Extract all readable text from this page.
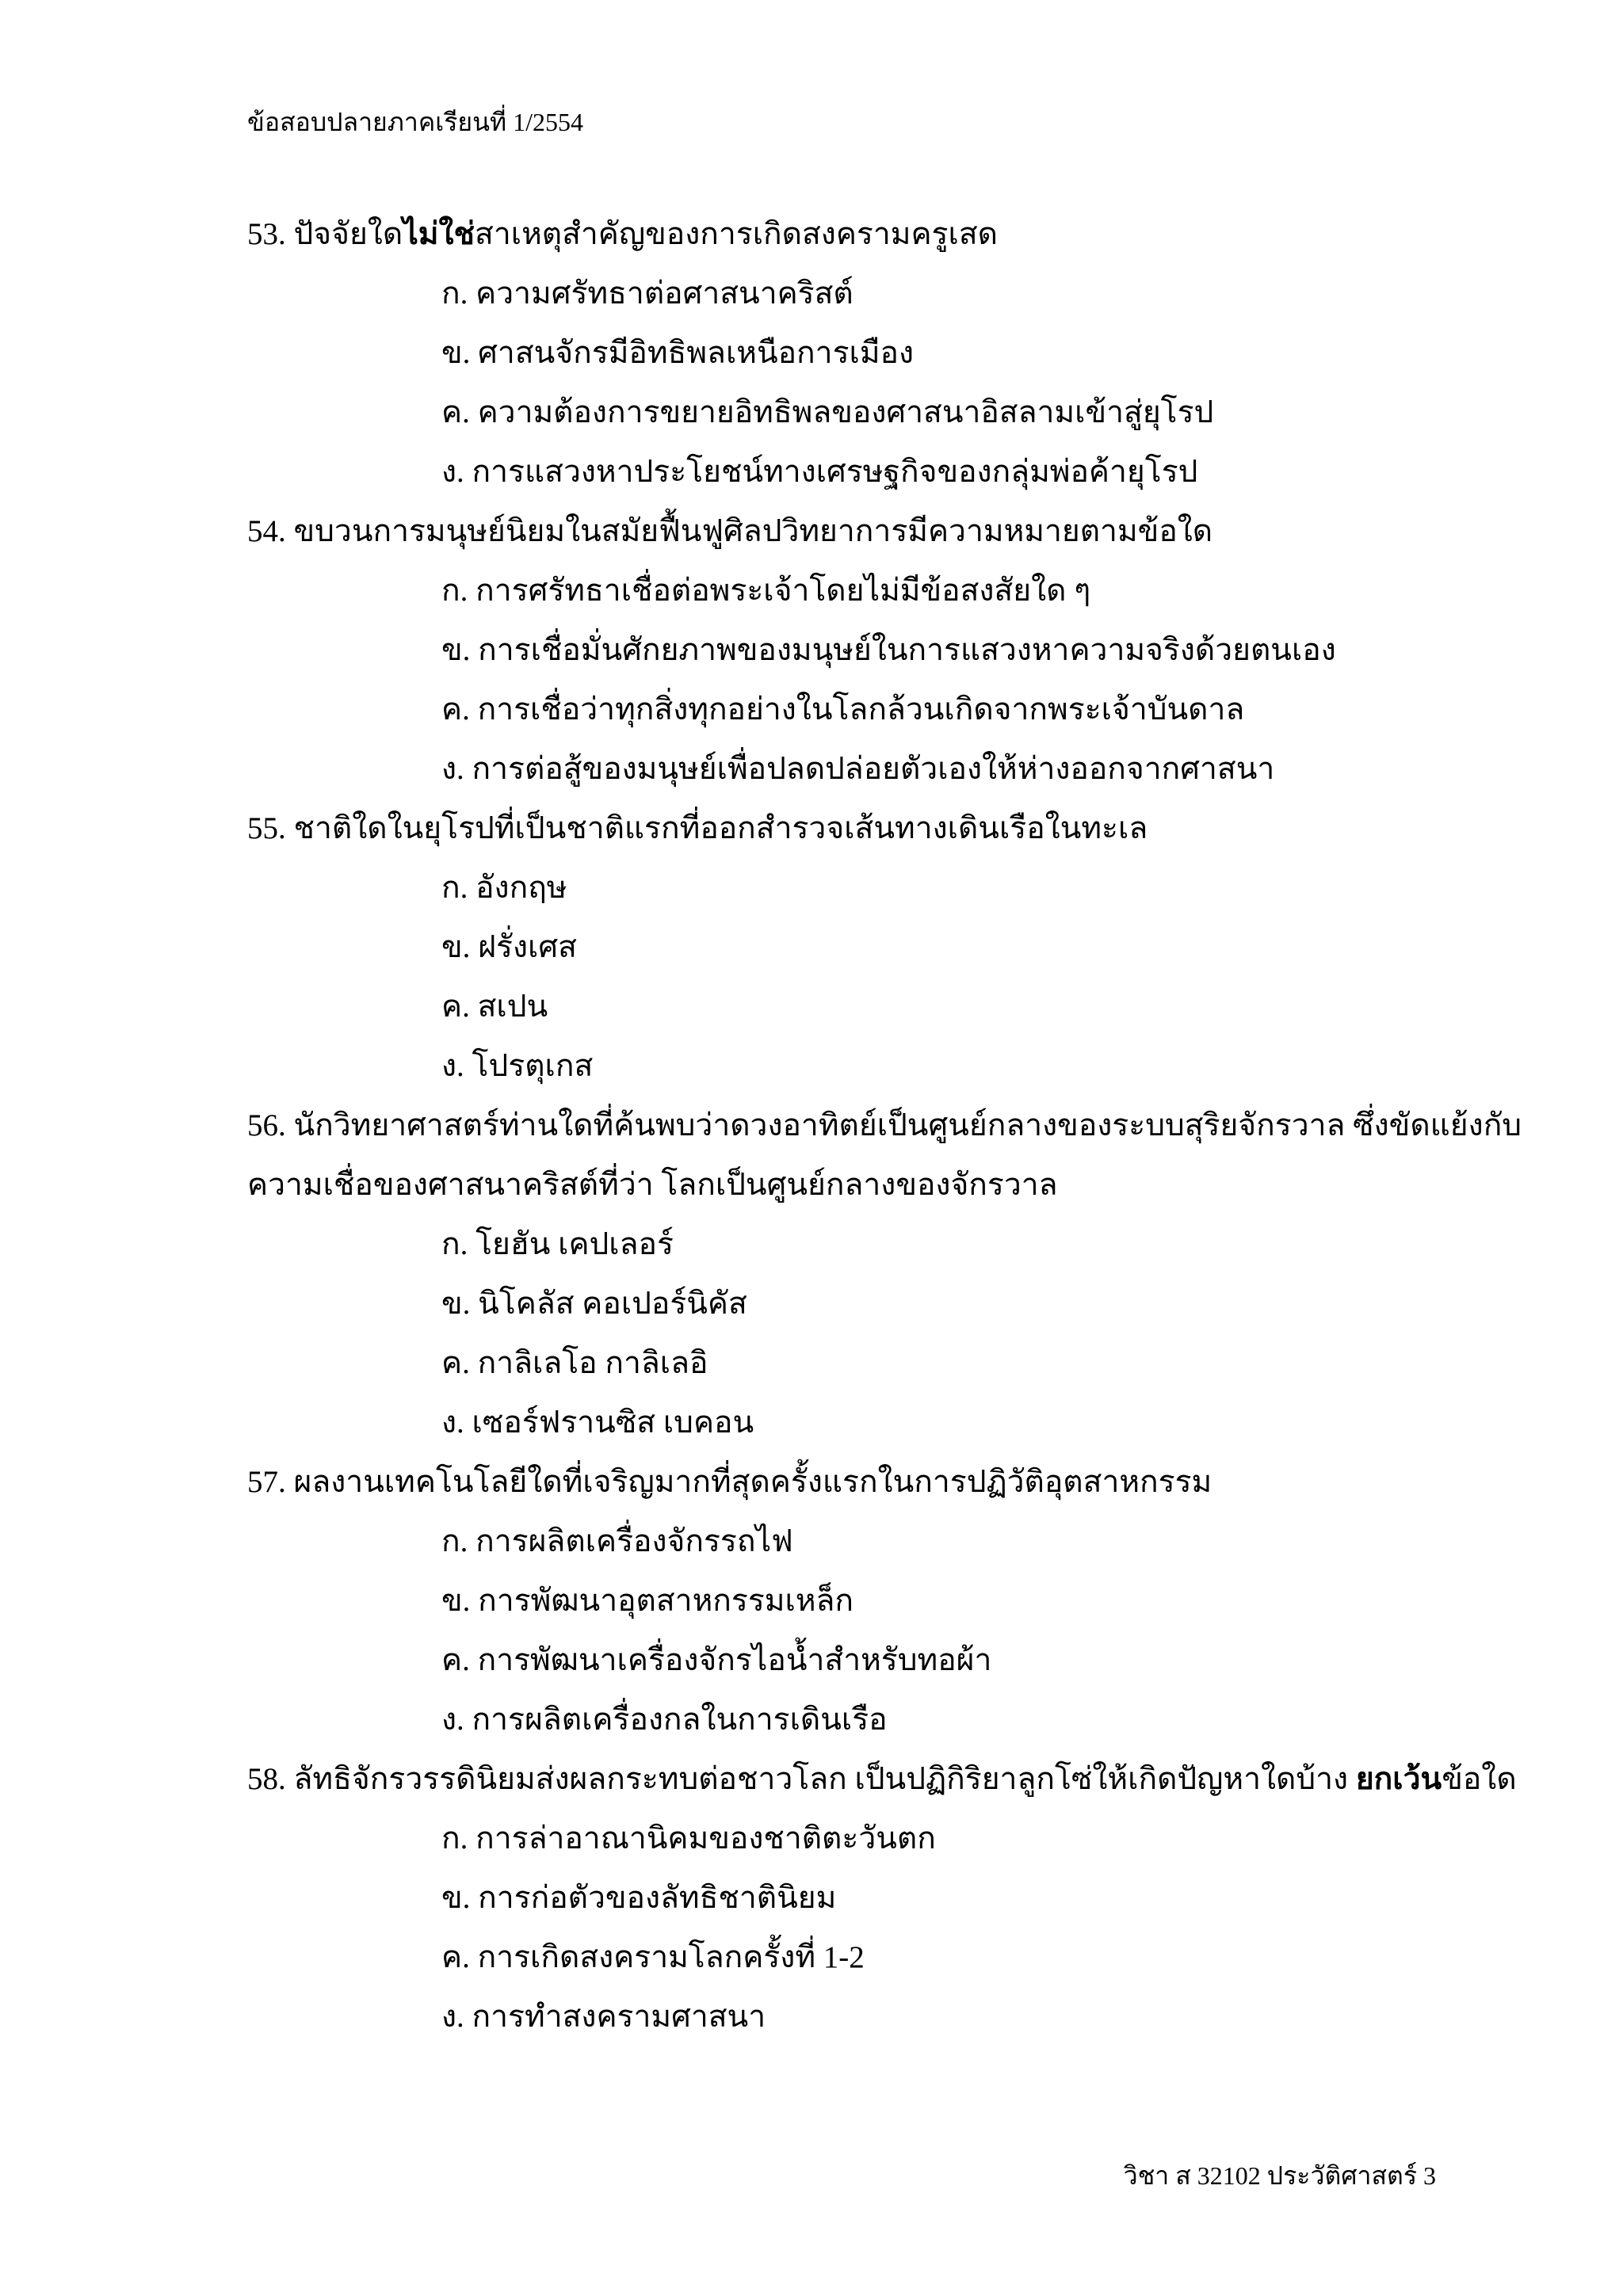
ข้อสอบปลายภาคเรียนที่ 1/2554
53. ปัจจัยใดไม่ใช่สาเหตุสำคัญของการเกิดสงครามครูเสด
ก. ความศรัทธาต่อศาสนาคริสต์
ข. ศาสนจักรมีอิทธิพลเหนือการเมือง
ค. ความต้องการขยายอิทธิพลของศาสนาอิสลามเข้าสู่ยุโรป
ง. การแสวงหาประโยชน์ทางเศรษฐกิจของกลุ่มพ่อค้ายุโรป
54. ขบวนการมนุษย์นิยมในสมัยฟื้นฟูศิลปวิทยาการมีความหมายตามข้อใด
ก. การศรัทธาเชื่อต่อพระเจ้าโดยไม่มีข้อสงสัยใด ๆ
ข. การเชื่อมั่นศักยภาพของมนุษย์ในการแสวงหาความจริงด้วยตนเอง
ค. การเชื่อว่าทุกสิ่งทุกอย่างในโลกล้วนเกิดจากพระเจ้าบันดาล
ง. การต่อสู้ของมนุษย์เพื่อปลดปล่อยตัวเองให้ห่างออกจากศาสนา
55. ชาติใดในยุโรปที่เป็นชาติแรกที่ออกสำรวจเส้นทางเดินเรือในทะเล
ก. อังกฤษ
ข. ฝรั่งเศส
ค. สเปน
ง. โปรตุเกส
56. นักวิทยาศาสตร์ท่านใดที่ค้นพบว่าดวงอาทิตย์เป็นศูนย์กลางของระบบสุริยจักรวาล ซึ่งขัดแย้งกับ
ความเชื่อของศาสนาคริสต์ที่ว่า โลกเป็นศูนย์กลางของจักรวาล
ก. โยฮัน เคปเลอร์
ข. นิโคลัส คอเปอร์นิคัส
ค. กาลิเลโอ กาลิเลอิ
ง. เซอร์ฟรานซิส เบคอน
57. ผลงานเทคโนโลยีใดที่เจริญมากที่สุดครั้งแรกในการปฏิวัติอุตสาหกรรม
ก. การผลิตเครื่องจักรรถไฟ
ข. การพัฒนาอุตสาหกรรมเหล็ก
ค. การพัฒนาเครื่องจักรไอน้ำสำหรับทอผ้า
ง. การผลิตเครื่องกลในการเดินเรือ
58. ลัทธิจักรวรรดินิยมส่งผลกระทบต่อชาวโลก เป็นปฏิกิริยาลูกโซ่ให้เกิดปัญหาใดบ้าง ยกเว้นข้อใด
ก. การล่าอาณานิคมของชาติตะวันตก
ข. การก่อตัวของลัทธิชาตินิยม
ค. การเกิดสงครามโลกครั้งที่ 1-2
ง. การทำสงครามศาสนา
วิชา ส 32102 ประวัติศาสตร์ 3
